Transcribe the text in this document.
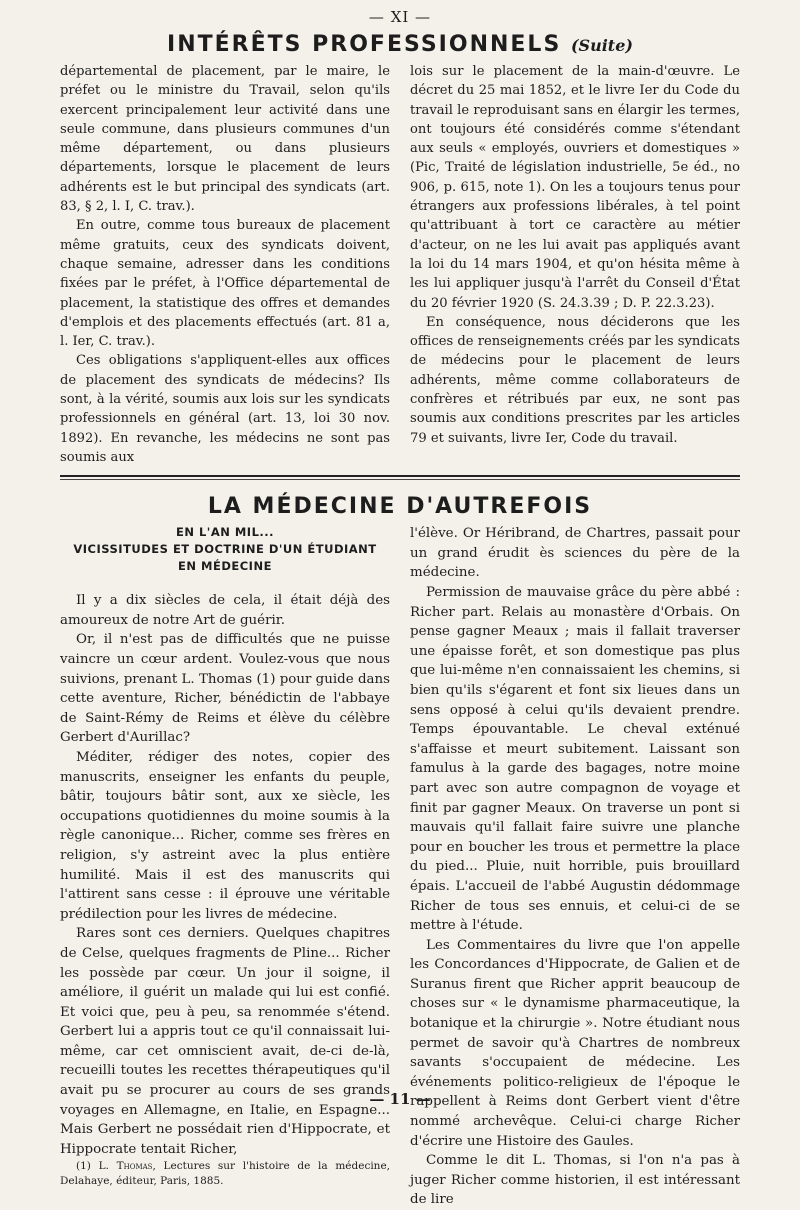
— XI —
INTÉRÊTS PROFESSIONNELS (Suite)

départemental de placement, par le maire, le préfet ou le ministre du Travail, selon qu'ils exercent principalement leur activité dans une seule commune, dans plusieurs communes d'un même département, ou dans plusieurs départements, lorsque le placement de leurs adhérents est le but principal des syndicats (art. 83, § 2, l. I, C. trav.).

En outre, comme tous bureaux de placement même gratuits, ceux des syndicats doivent, chaque semaine, adresser dans les conditions fixées par le préfet, à l'Office départemental de placement, la statistique des offres et demandes d'emplois et des placements effectués (art. 81 a, l. Ier, C. trav.).

Ces obligations s'appliquent-elles aux offices de placement des syndicats de médecins? Ils sont, à la vérité, soumis aux lois sur les syndicats professionnels en général (art. 13, loi 30 nov. 1892). En revanche, les médecins ne sont pas soumis aux

lois sur le placement de la main-d'œuvre. Le décret du 25 mai 1852, et le livre Ier du Code du travail le reproduisant sans en élargir les termes, ont toujours été considérés comme s'étendant aux seuls « employés, ouvriers et domestiques » (Pic, Traité de législation industrielle, 5e éd., no 906, p. 615, note 1). On les a toujours tenus pour étrangers aux professions libérales, à tel point qu'attribuant à tort ce caractère au métier d'acteur, on ne les lui avait pas appliqués avant la loi du 14 mars 1904, et qu'on hésita même à les lui appliquer jusqu'à l'arrêt du Conseil d'État du 20 février 1920 (S. 24.3.39 ; D. P. 22.3.23).

En conséquence, nous déciderons que les offices de renseignements créés par les syndicats de médecins pour le placement de leurs adhérents, même comme collaborateurs de confrères et rétribués par eux, ne sont pas soumis aux conditions prescrites par les articles 79 et suivants, livre Ier, Code du travail.

LA MÉDECINE D'AUTREFOIS
EN L'AN MIL...
VICISSITUDES ET DOCTRINE D'UN ÉTUDIANT
EN MÉDECINE

Il y a dix siècles de cela, il était déjà des amoureux de notre Art de guérir.

Or, il n'est pas de difficultés que ne puisse vaincre un cœur ardent. Voulez-vous que nous suivions, prenant L. Thomas (1) pour guide dans cette aventure, Richer, bénédictin de l'abbaye de Saint-Rémy de Reims et élève du célèbre Gerbert d'Aurillac?

Méditer, rédiger des notes, copier des manuscrits, enseigner les enfants du peuple, bâtir, toujours bâtir sont, aux xe siècle, les occupations quotidiennes du moine soumis à la règle canonique... Richer, comme ses frères en religion, s'y astreint avec la plus entière humilité. Mais il est des manuscrits qui l'attirent sans cesse : il éprouve une véritable prédilection pour les livres de médecine.

Rares sont ces derniers. Quelques chapitres de Celse, quelques fragments de Pline... Richer les possède par cœur. Un jour il soigne, il améliore, il guérit un malade qui lui est confié. Et voici que, peu à peu, sa renommée s'étend. Gerbert lui a appris tout ce qu'il connaissait lui-même, car cet omniscient avait, de-ci de-là, recueilli toutes les recettes thérapeutiques qu'il avait pu se procurer au cours de ses grands voyages en Allemagne, en Italie, en Espagne... Mais Gerbert ne possédait rien d'Hippocrate, et Hippocrate tentait Richer,

(1) L. Thomas, Lectures sur l'histoire de la médecine, Delahaye, éditeur, Paris, 1885.

l'élève. Or Héribrand, de Chartres, passait pour un grand érudit ès sciences du père de la médecine.

Permission de mauvaise grâce du père abbé : Richer part. Relais au monastère d'Orbais. On pense gagner Meaux ; mais il fallait traverser une épaisse forêt, et son domestique pas plus que lui-même n'en connaissaient les chemins, si bien qu'ils s'égarent et font six lieues dans un sens opposé à celui qu'ils devaient prendre. Temps épouvantable. Le cheval exténué s'affaisse et meurt subitement. Laissant son famulus à la garde des bagages, notre moine part avec son autre compagnon de voyage et finit par gagner Meaux. On traverse un pont si mauvais qu'il fallait faire suivre une planche pour en boucher les trous et permettre la place du pied... Pluie, nuit horrible, puis brouillard épais. L'accueil de l'abbé Augustin dédommage Richer de tous ses ennuis, et celui-ci de se mettre à l'étude.

Les Commentaires du livre que l'on appelle les Concordances d'Hippocrate, de Galien et de Suranus firent que Richer apprit beaucoup de choses sur « le dynamisme pharmaceutique, la botanique et la chirurgie ». Notre étudiant nous permet de savoir qu'à Chartres de nombreux savants s'occupaient de médecine. Les événements politico-religieux de l'époque le rappellent à Reims dont Gerbert vient d'être nommé archevêque. Celui-ci charge Richer d'écrire une Histoire des Gaules.

Comme le dit L. Thomas, si l'on n'a pas à juger Richer comme historien, il est intéressant de lire

— 11 —
